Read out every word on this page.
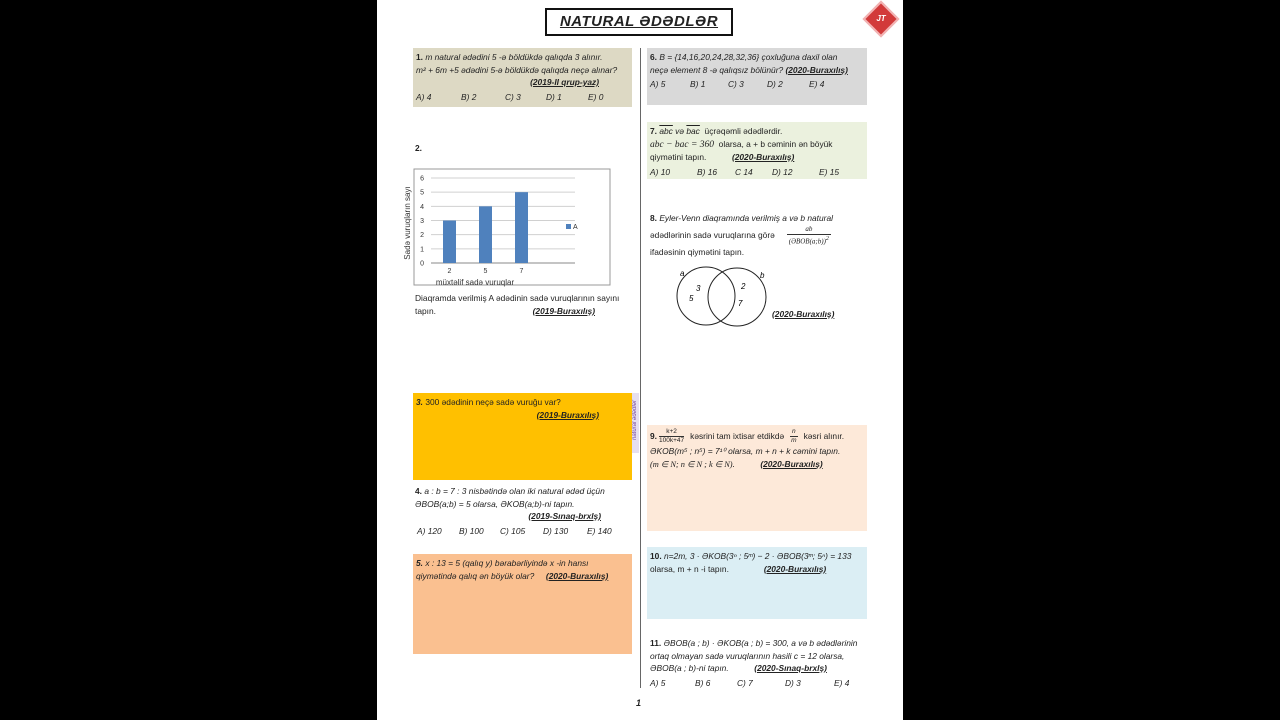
NATURAL ƏDƏDLƏR	JT
natural ədədlər
1. m natural ədədini 5 -ə böldükdə qalıqda 3 alınır.
m² + 6m +5 ədədini 5-ə böldükdə qalıqda neçə alınar?
(2019-II qrup-yaz)
A) 4	B) 2	C) 3	D) 1	E) 0
2.
0
1
2
3
4
5
6
2	5	7
A
müxtəlif sadə vuruqlar
Sadə vuruqların sayı
Diaqramda verilmiş A ədədinin sadə vuruqlarının sayını tapın.	(2019-Buraxılış)
3. 300 ədədinin neçə sadə vuruğu var?
(2019-Buraxılış)
4. a : b = 7 : 3 nisbətində olan iki natural ədəd üçün
ƏBOB(a;b) = 5 olarsa, ƏKOB(a;b)-ni tapın.
(2019-Sınaq-brxlş)
A) 120	B) 100	C) 105	D) 130	E) 140
5. x : 13 = 5 (qalıq y) bərabərliyində x -in hansı
qiymətində qalıq ən böyük olar? (2020-Buraxılış)
6. B = {14,16,20,24,28,32,36} çoxluğuna daxil olan
neçə element 8 -ə qalıqsız bölünür? (2020-Buraxılış)
A) 5	B) 1	C) 3	D) 2	E) 4
7. $\overline{abc}$ və $\overline{bac}$ üçrəqəmli ədədlərdir.
abc − bac = 360 olarsa, a + b cəminin ən böyük
qiymətini tapın.	(2020-Buraxılış)
A) 10	B) 16	C 14	D) 12	E) 15
8. Eyler-Venn diaqramında verilmiş a və b natural
ədədlərinin sadə vuruqlarına görə
ab
(ƏBOB(a;b))$^2$
ifadəsinin qiymətini tapın.
a	b
3
5
2
7
(2020-Buraxılış)
9. $\frac{k+2}{100k+47}$ kəsrini tam ixtisar etdikdə $\frac{n}{m}$ kəsri alınır.
ƏKOB(m⁵ ; n⁵) = 7¹⁰ olarsa, m + n + k cəmini tapın.
(m ∈ N; n ∈ N ; k ∈ N).	(2020-Buraxılış)
10. n=2m, 3 · ƏKOB(3ⁿ ; 5ᵐ) − 2 · ƏBOB(3ᵐ; 5ⁿ) = 133
olarsa, m + n -i tapın.	(2020-Buraxılış)
11. ƏBOB(a ; b) · ƏKOB(a ; b) = 300, a və b ədədlərinin
ortaq olmayan sadə vuruqlarının hasili c = 12 olarsa,
ƏBOB(a ; b)-ni tapın.	(2020-Sınaq-brxlş)
A) 5	B) 6	C) 7	D) 3	E) 4
1
